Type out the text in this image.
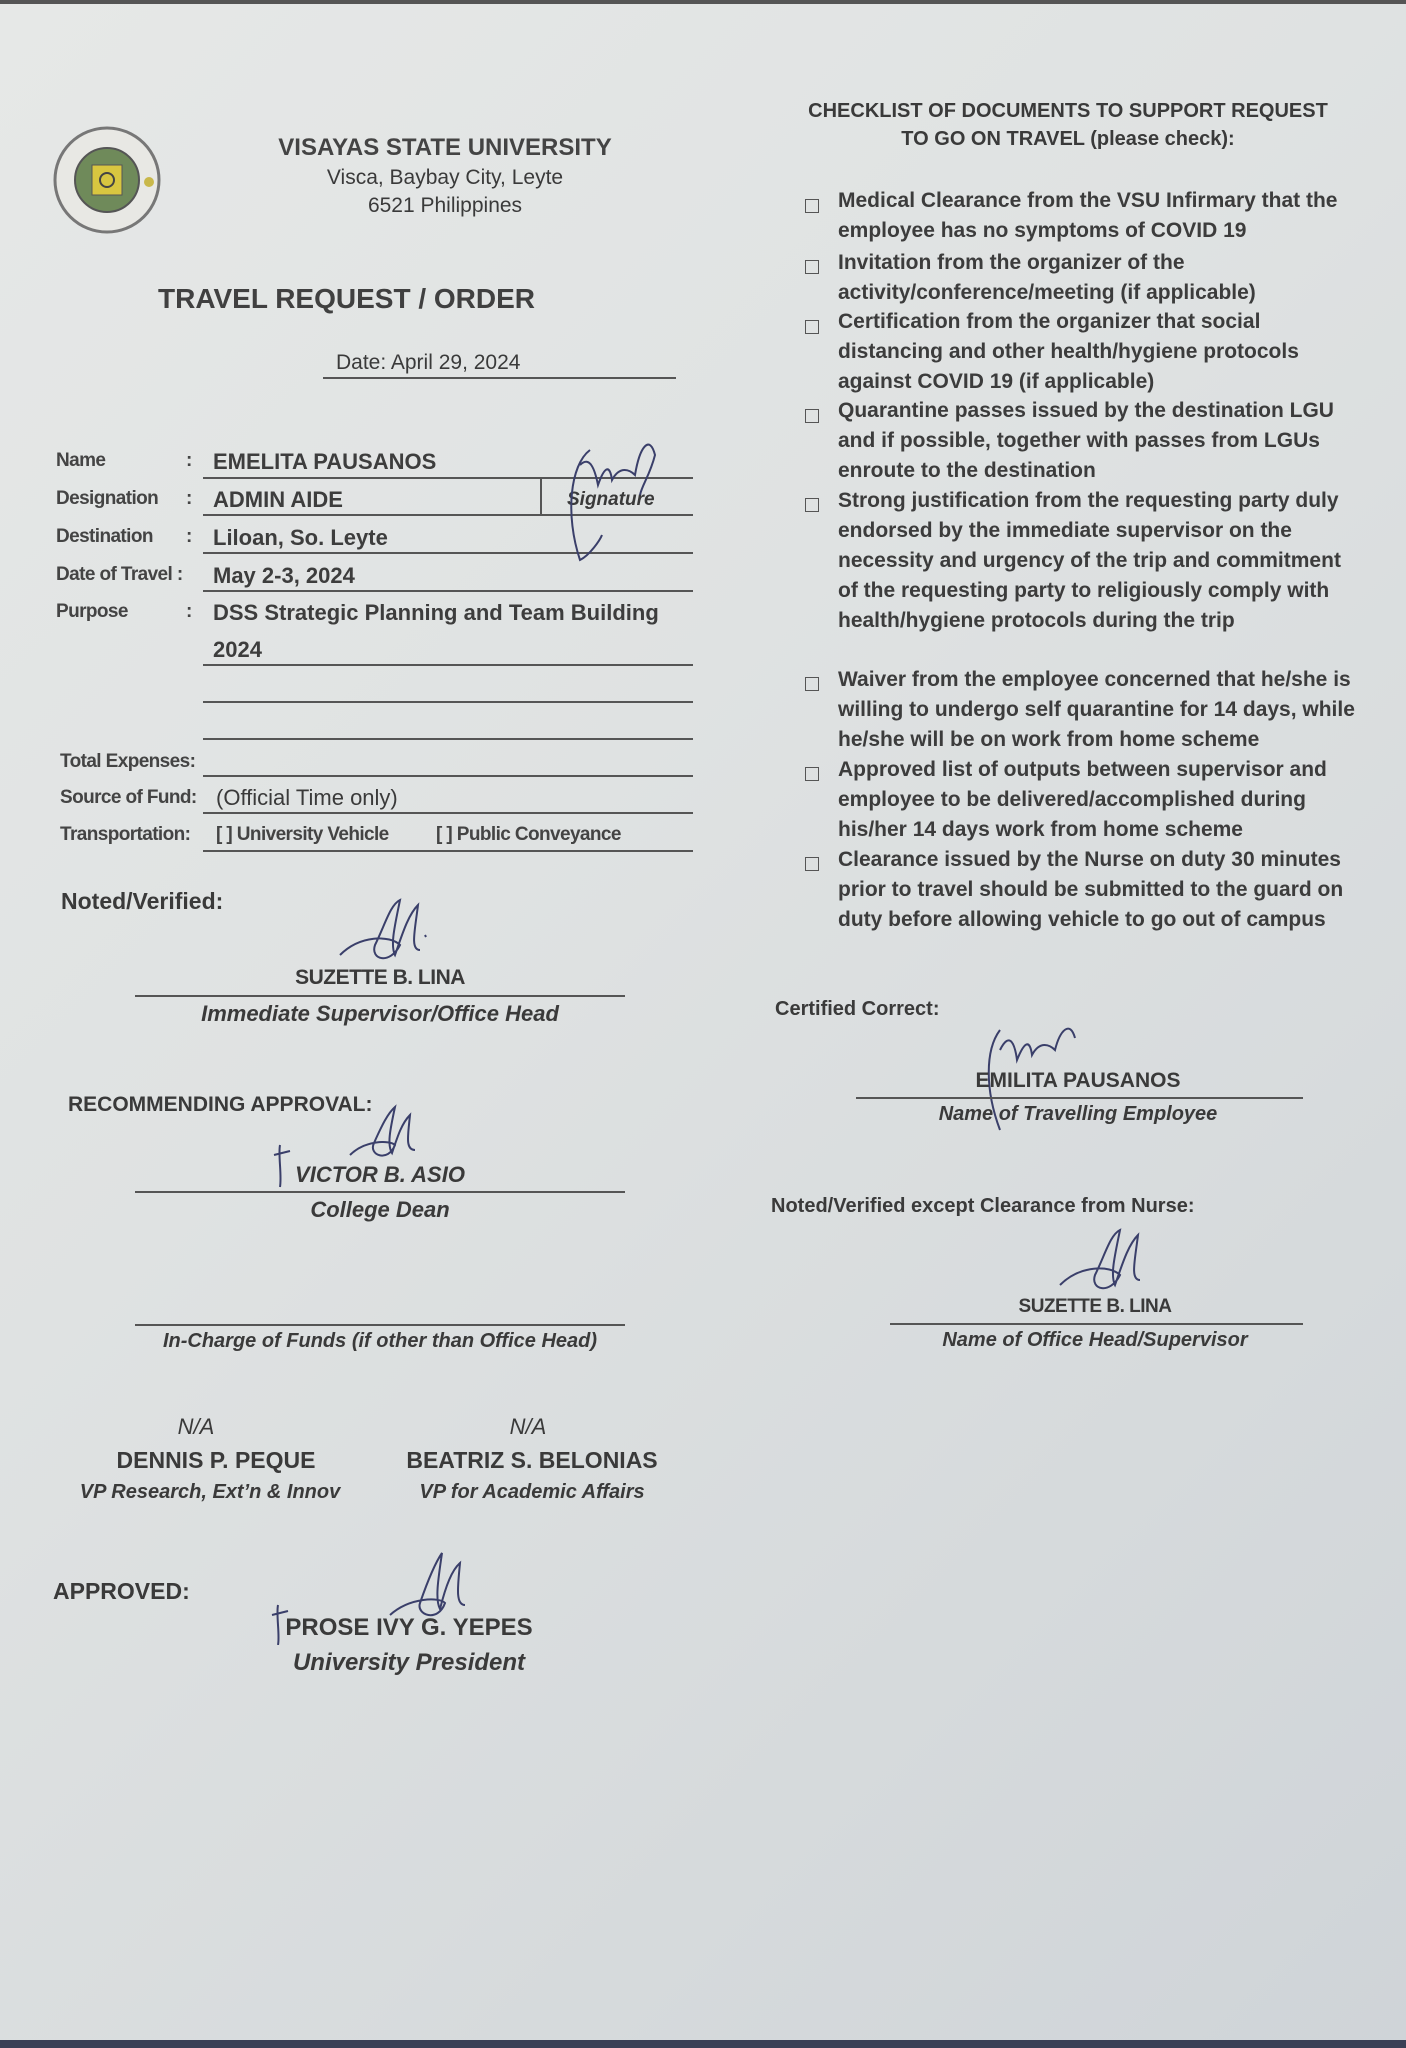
VISAYAS STATE UNIVERSITY
Visca, Baybay City, Leyte
6521 Philippines
TRAVEL REQUEST / ORDER
Date: April 29, 2024
Name	: EMELITA PAUSANOS
Designation : ADMIN AIDE	Signature
Destination : Liloan, So. Leyte
Date of Travel : May 2-3, 2024
Purpose	: DSS Strategic Planning and Team Building
2024
Total Expenses:
Source of Fund: (Official Time only)
Transportation: [ ] University Vehicle [ ] Public Conveyance
Noted/Verified:
SUZETTE B. LINA
Immediate Supervisor/Office Head
RECOMMENDING APPROVAL:
VICTOR B. ASIO
College Dean
In-Charge of Funds (if other than Office Head)
N/A
DENNIS P. PEQUE
VP Research, Ext’n & Innov
N/A
BEATRIZ S. BELONIAS
VP for Academic Affairs
APPROVED:
PROSE IVY G. YEPES
University President
CHECKLIST OF DOCUMENTS TO SUPPORT REQUEST
TO GO ON TRAVEL (please check):
Medical Clearance from the VSU Infirmary that the employee has no symptoms of COVID 19
Invitation from the organizer of the activity/conference/meeting (if applicable)
Certification from the organizer that social distancing and other health/hygiene protocols against COVID 19 (if applicable)
Quarantine passes issued by the destination LGU and if possible, together with passes from LGUs enroute to the destination
Strong justification from the requesting party duly endorsed by the immediate supervisor on the necessity and urgency of the trip and commitment of the requesting party to religiously comply with health/hygiene protocols during the trip
Waiver from the employee concerned that he/she is willing to undergo self quarantine for 14 days, while he/she will be on work from home scheme
Approved list of outputs between supervisor and employee to be delivered/accomplished during his/her 14 days work from home scheme
Clearance issued by the Nurse on duty 30 minutes prior to travel should be submitted to the guard on duty before allowing vehicle to go out of campus
Certified Correct:
EMILITA PAUSANOS
Name of Travelling Employee
Noted/Verified except Clearance from Nurse:
SUZETTE B. LINA
Name of Office Head/Supervisor
